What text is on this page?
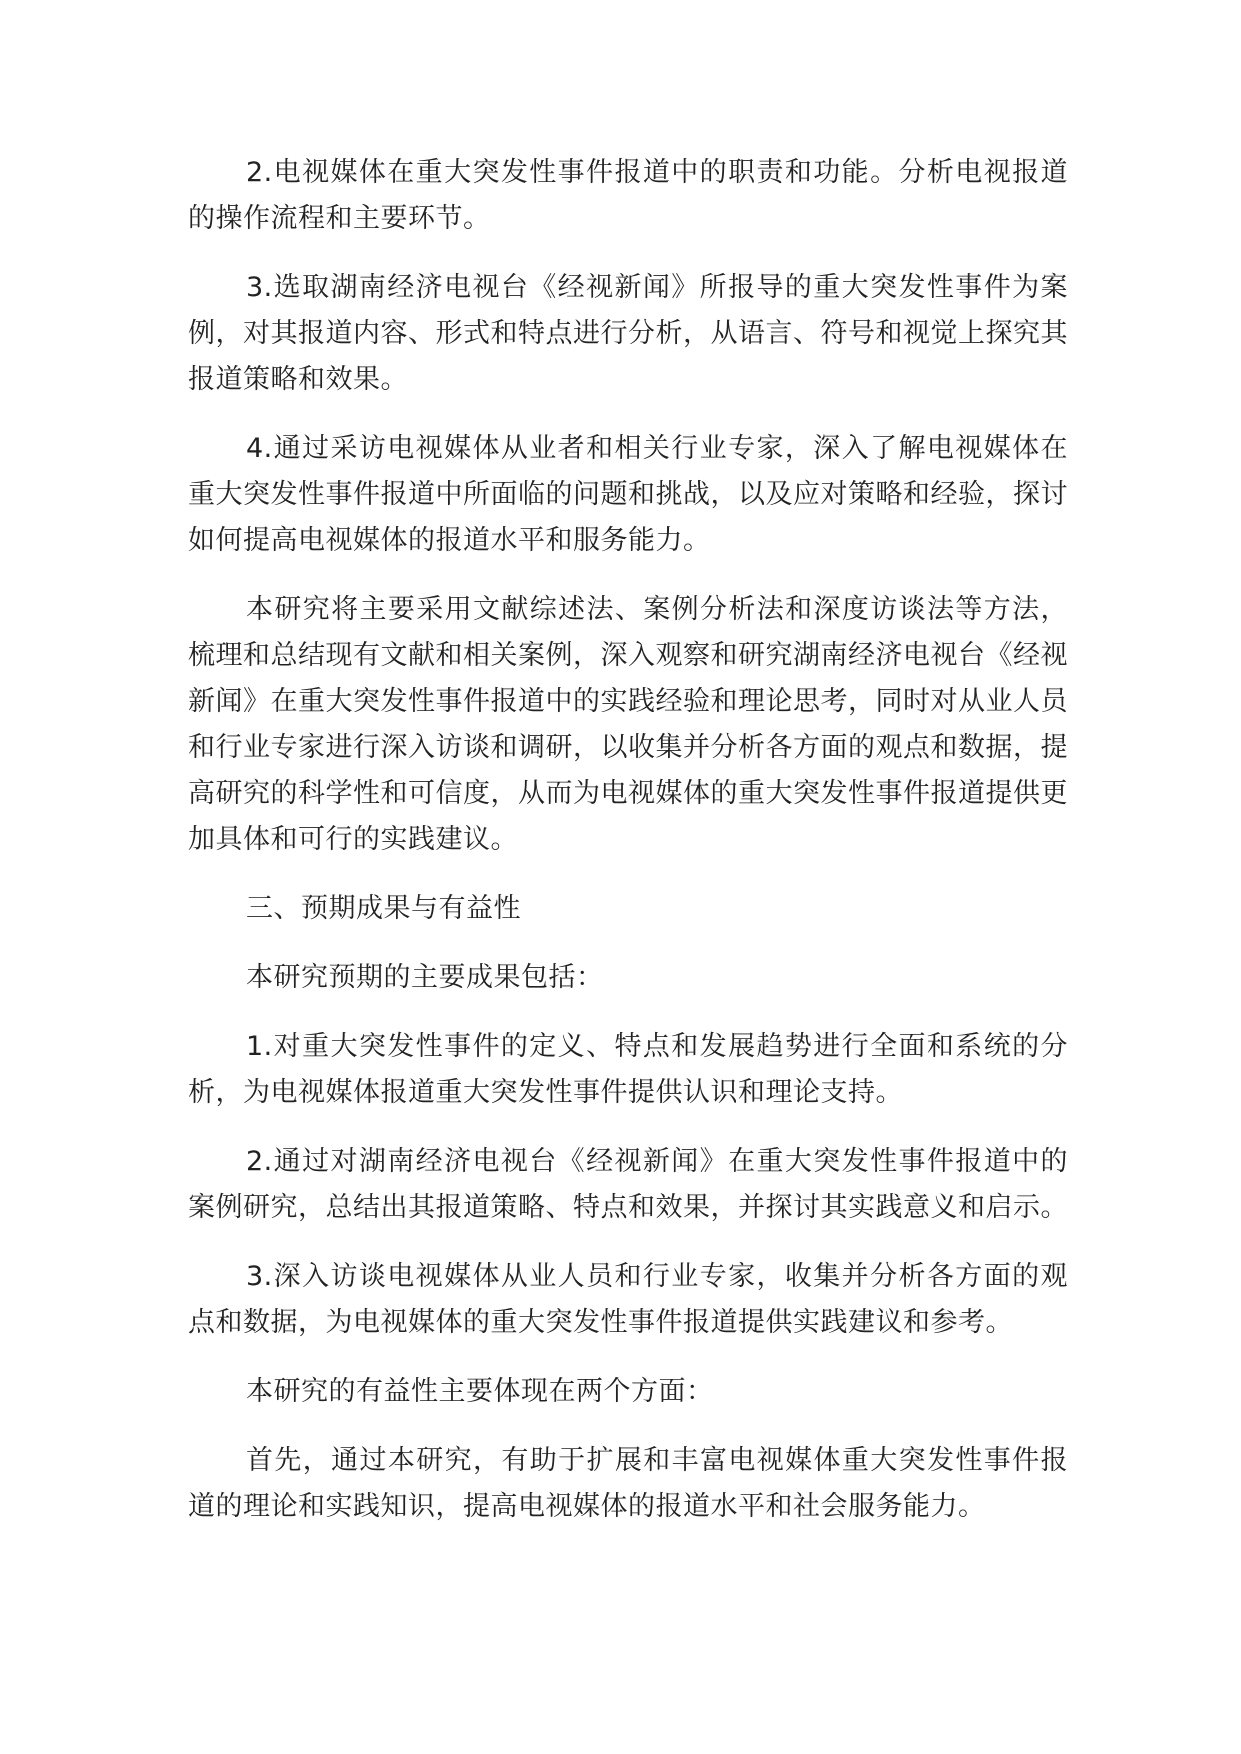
2.电视媒体在重大突发性事件报道中的职责和功能。分析电视报道的操作流程和主要环节。

3.选取湖南经济电视台《经视新闻》所报导的重大突发性事件为案例，对其报道内容、形式和特点进行分析，从语言、符号和视觉上探究其报道策略和效果。

4.通过采访电视媒体从业者和相关行业专家，深入了解电视媒体在重大突发性事件报道中所面临的问题和挑战，以及应对策略和经验，探讨如何提高电视媒体的报道水平和服务能力。

本研究将主要采用文献综述法、案例分析法和深度访谈法等方法，梳理和总结现有文献和相关案例，深入观察和研究湖南经济电视台《经视新闻》在重大突发性事件报道中的实践经验和理论思考，同时对从业人员和行业专家进行深入访谈和调研，以收集并分析各方面的观点和数据，提高研究的科学性和可信度，从而为电视媒体的重大突发性事件报道提供更加具体和可行的实践建议。

三、预期成果与有益性

本研究预期的主要成果包括：

1.对重大突发性事件的定义、特点和发展趋势进行全面和系统的分析，为电视媒体报道重大突发性事件提供认识和理论支持。

2.通过对湖南经济电视台《经视新闻》在重大突发性事件报道中的案例研究，总结出其报道策略、特点和效果，并探讨其实践意义和启示。

3.深入访谈电视媒体从业人员和行业专家，收集并分析各方面的观点和数据，为电视媒体的重大突发性事件报道提供实践建议和参考。

本研究的有益性主要体现在两个方面：

首先，通过本研究，有助于扩展和丰富电视媒体重大突发性事件报道的理论和实践知识，提高电视媒体的报道水平和社会服务能力。
